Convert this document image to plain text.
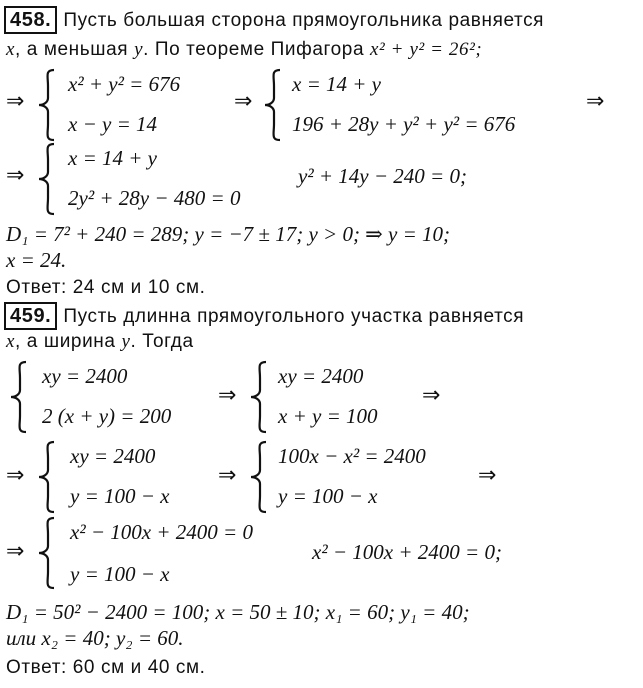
458. Пусть большая сторона прямоугольника равняется
x, а меньшая y. По теореме Пифагора x² + y² = 26²;
⇒
x² + y² = 676
x − y = 14
⇒
x = 14 + y
196 + 28y + y² + y² = 676
⇒
⇒
x = 14 + y
2y² + 28y − 480 = 0
y² + 14y − 240 = 0;
D₁ = 7² + 240 = 289; y = −7 ± 17; y > 0; ⇒ y = 10;
x = 24.
Ответ: 24 см и 10 см.
459. Пусть длинна прямоугольного участка равняется
x, а ширина y. Тогда
xy = 2400
2 (x + y) = 200
⇒
xy = 2400
x + y = 100
⇒
⇒
xy = 2400
y = 100 − x
⇒
100x − x² = 2400
y = 100 − x
⇒
⇒
x² − 100x + 2400 = 0
y = 100 − x
x² − 100x + 2400 = 0;
D₁ = 50² − 2400 = 100; x = 50 ± 10; x₁ = 60; y₁ = 40;
или x₂ = 40; y₂ = 60.
Ответ: 60 см и 40 см.
